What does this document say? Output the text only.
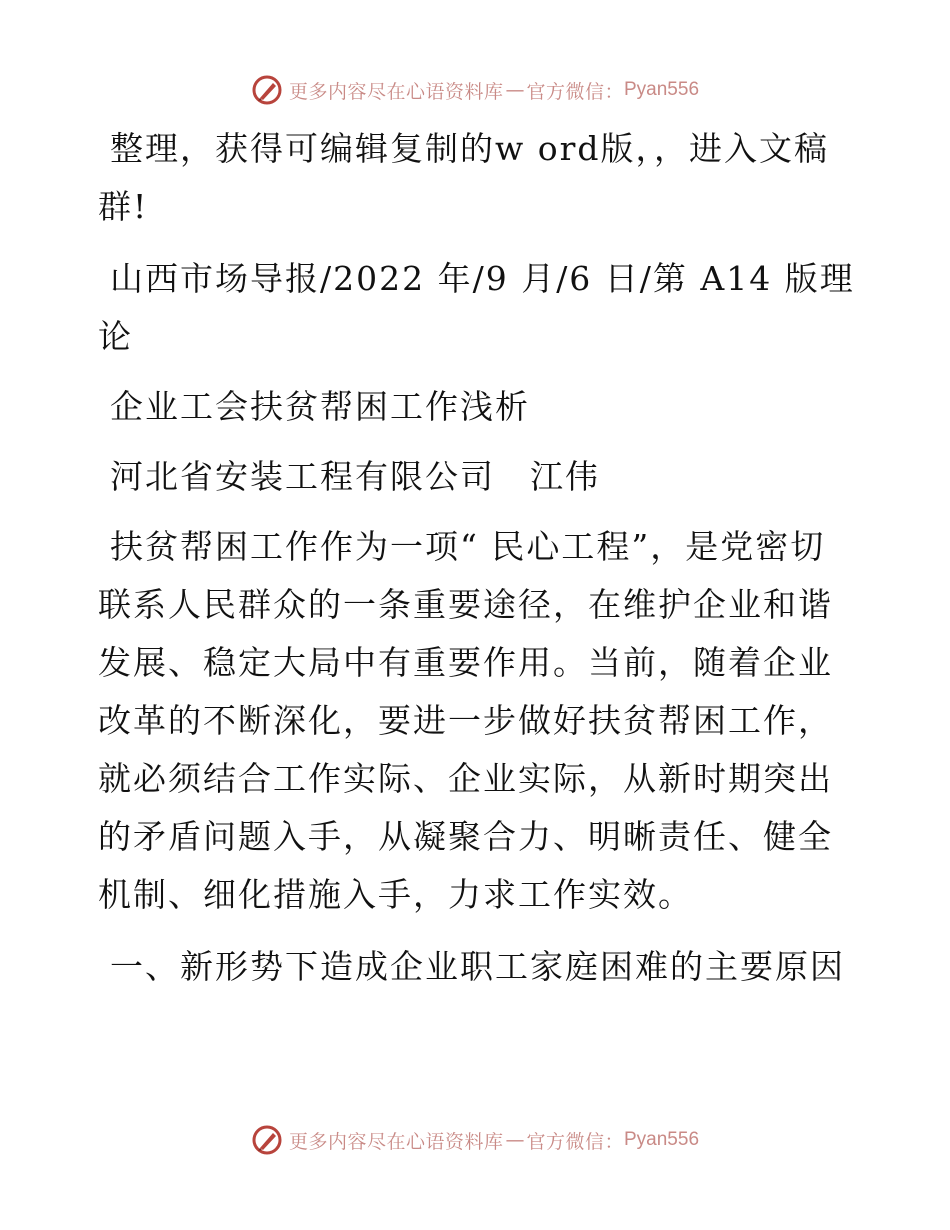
更多内容尽在心语资料库 — 官方微信： Pyan556

整理，获得可编辑复制的w ord版，，进入文稿群!

山西市场导报/2022 年/9 月/6 日/第 A14 版理论

企业工会扶贫帮困工作浅析

河北省安装工程有限公司　江伟

扶贫帮困工作作为一项“ 民心工程”，是党密切联系人民群众的一条重要途径，在维护企业和谐发展、稳定大局中有重要作用。当前，随着企业改革的不断深化，要进一步做好扶贫帮困工作，就必须结合工作实际、企业实际，从新时期突出的矛盾问题入手，从凝聚合力、明晰责任、健全机制、细化措施入手，力求工作实效。

一、新形势下造成企业职工家庭困难的主要原因

更多内容尽在心语资料库 — 官方微信： Pyan556
